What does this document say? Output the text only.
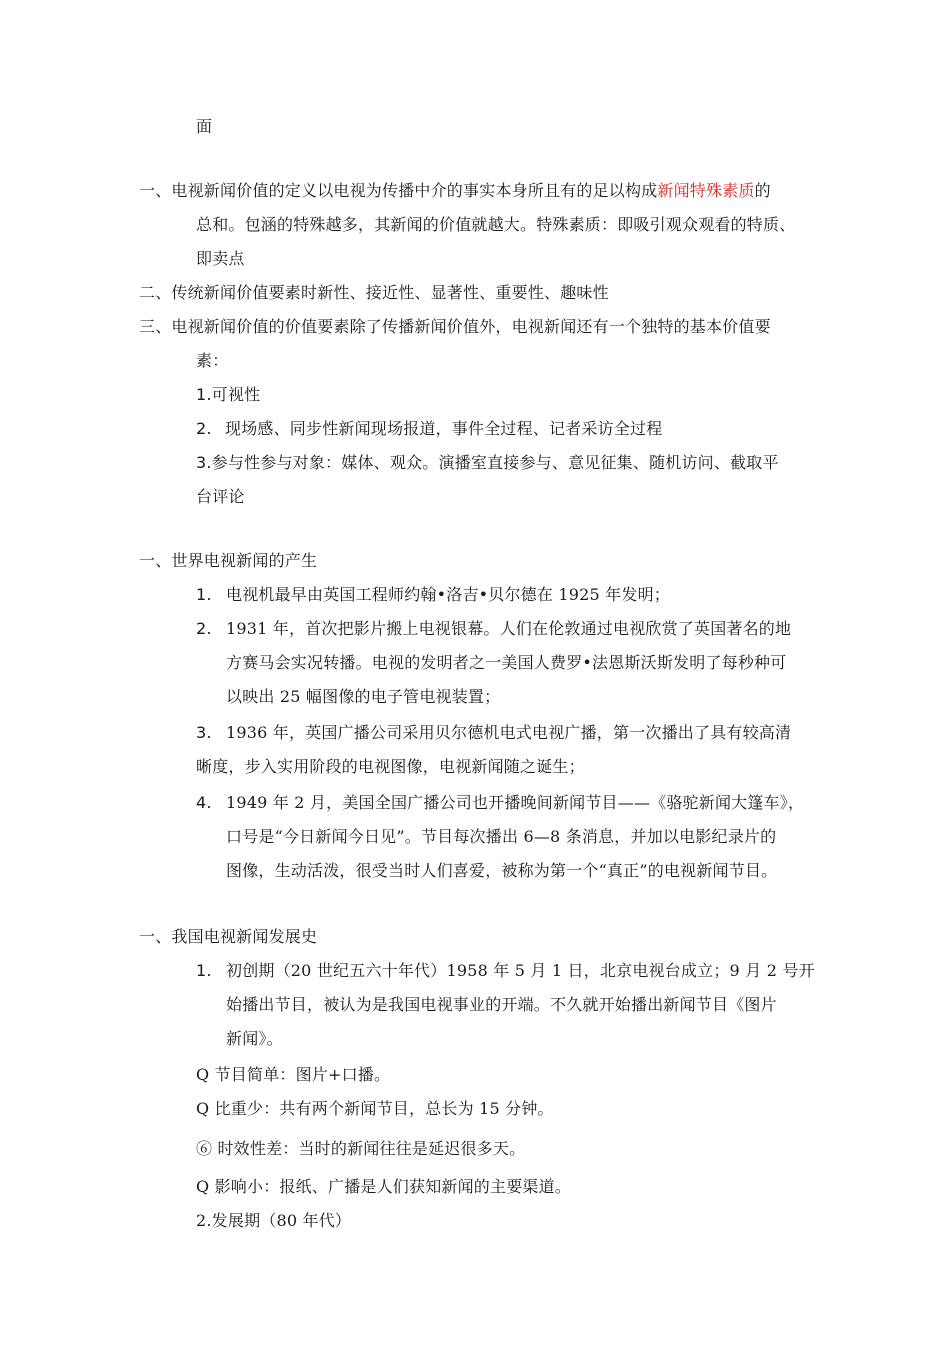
面
一、电视新闻价值的定义以电视为传播中介的事实本身所且有的足以构成新闻特殊素质的
总和。包涵的特殊越多，其新闻的价值就越大。特殊素质：即吸引观众观看的特质、
即卖点
二、传统新闻价值要素时新性、接近性、显著性、重要性、趣味性
三、电视新闻价值的价值要素除了传播新闻价值外，电视新闻还有一个独特的基本价值要
素：
1.可视性
2. 现场感、同步性新闻现场报道，事件全过程、记者采访全过程
3.参与性参与对象：媒体、观众。演播室直接参与、意见征集、随机访问、截取平
台评论
一、世界电视新闻的产生
1. 电视机最早由英国工程师约翰•洛吉•贝尔德在 1925 年发明；
2. 1931 年，首次把影片搬上电视银幕。人们在伦敦通过电视欣赏了英国著名的地
方赛马会实况转播。电视的发明者之一美国人费罗•法恩斯沃斯发明了每秒种可
以映出 25 幅图像的电子管电视装置；
3. 1936 年，英国广播公司采用贝尔德机电式电视广播，第一次播出了具有较高清
晰度，步入实用阶段的电视图像，电视新闻随之诞生；
4. 1949 年 2 月，美国全国广播公司也开播晚间新闻节目——《骆驼新闻大篷车》，
口号是“今日新闻今日见”。节目每次播出 6—8 条消息，并加以电影纪录片的
图像，生动活泼，很受当时人们喜爱，被称为第一个“真正”的电视新闻节目。
一、我国电视新闻发展史
1. 初创期（20 世纪五六十年代）1958 年 5 月 1 日，北京电视台成立；9 月 2 号开
始播出节目，被认为是我国电视事业的开端。不久就开始播出新闻节目《图片
新闻》。
Q 节目简单：图片+口播。
Q 比重少：共有两个新闻节目，总长为 15 分钟。
⑥ 时效性差：当时的新闻往往是延迟很多天。
Q 影响小：报纸、广播是人们获知新闻的主要渠道。
2.发展期（80 年代）
